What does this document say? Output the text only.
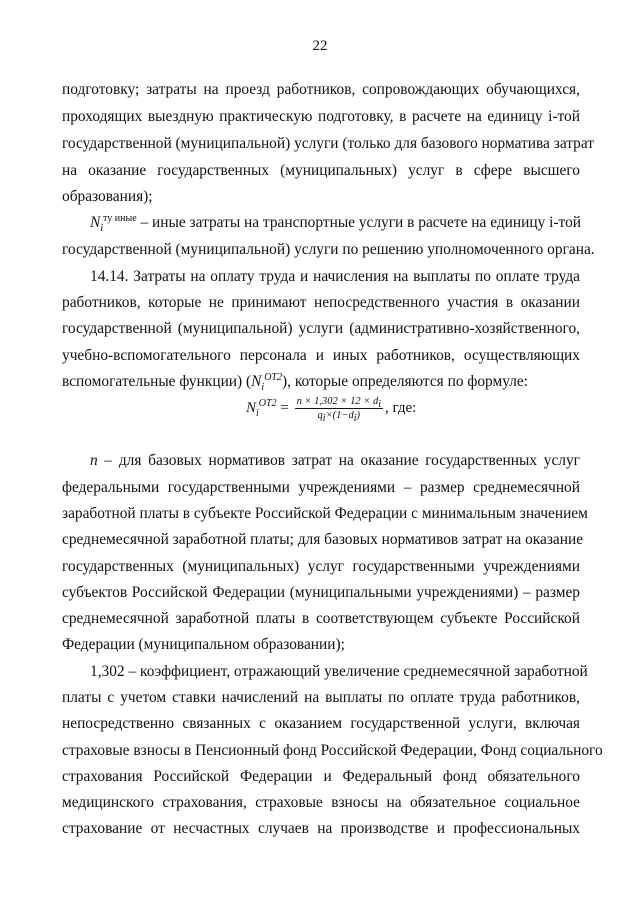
22
подготовку; затраты на проезд работников, сопровождающих обучающихся,
проходящих выездную практическую подготовку, в расчете на единицу i-той
государственной (муниципальной) услуги (только для базового норматива затрат
на оказание государственных (муниципальных) услуг в сфере высшего
образования);
$N_i^{ту иные}$ – иные затраты на транспортные услуги в расчете на единицу i-той
государственной (муниципальной) услуги по решению уполномоченного органа.
14.14. Затраты на оплату труда и начисления на выплаты по оплате труда
работников, которые не принимают непосредственного участия в оказании
государственной (муниципальной) услуги (административно-хозяйственного,
учебно-вспомогательного персонала и иных работников, осуществляющих
вспомогательные функции) $(N_i^{OT2})$, которые определяются по формуле:
$N_i^{OT2} = \frac{n \times 1,302 \times 12 \times d_i}{q_i\times(1-d_i)}$ , где:
n – для базовых нормативов затрат на оказание государственных услуг
федеральными государственными учреждениями – размер среднемесячной
заработной платы в субъекте Российской Федерации с минимальным значением
среднемесячной заработной платы; для базовых нормативов затрат на оказание
государственных (муниципальных) услуг государственными учреждениями
субъектов Российской Федерации (муниципальными учреждениями) – размер
среднемесячной заработной платы в соответствующем субъекте Российской
Федерации (муниципальном образовании);
1,302 – коэффициент, отражающий увеличение среднемесячной заработной
платы с учетом ставки начислений на выплаты по оплате труда работников,
непосредственно связанных с оказанием государственной услуги, включая
страховые взносы в Пенсионный фонд Российской Федерации, Фонд социального
страхования Российской Федерации и Федеральный фонд обязательного
медицинского страхования, страховые взносы на обязательное социальное
страхование от несчастных случаев на производстве и профессиональных
